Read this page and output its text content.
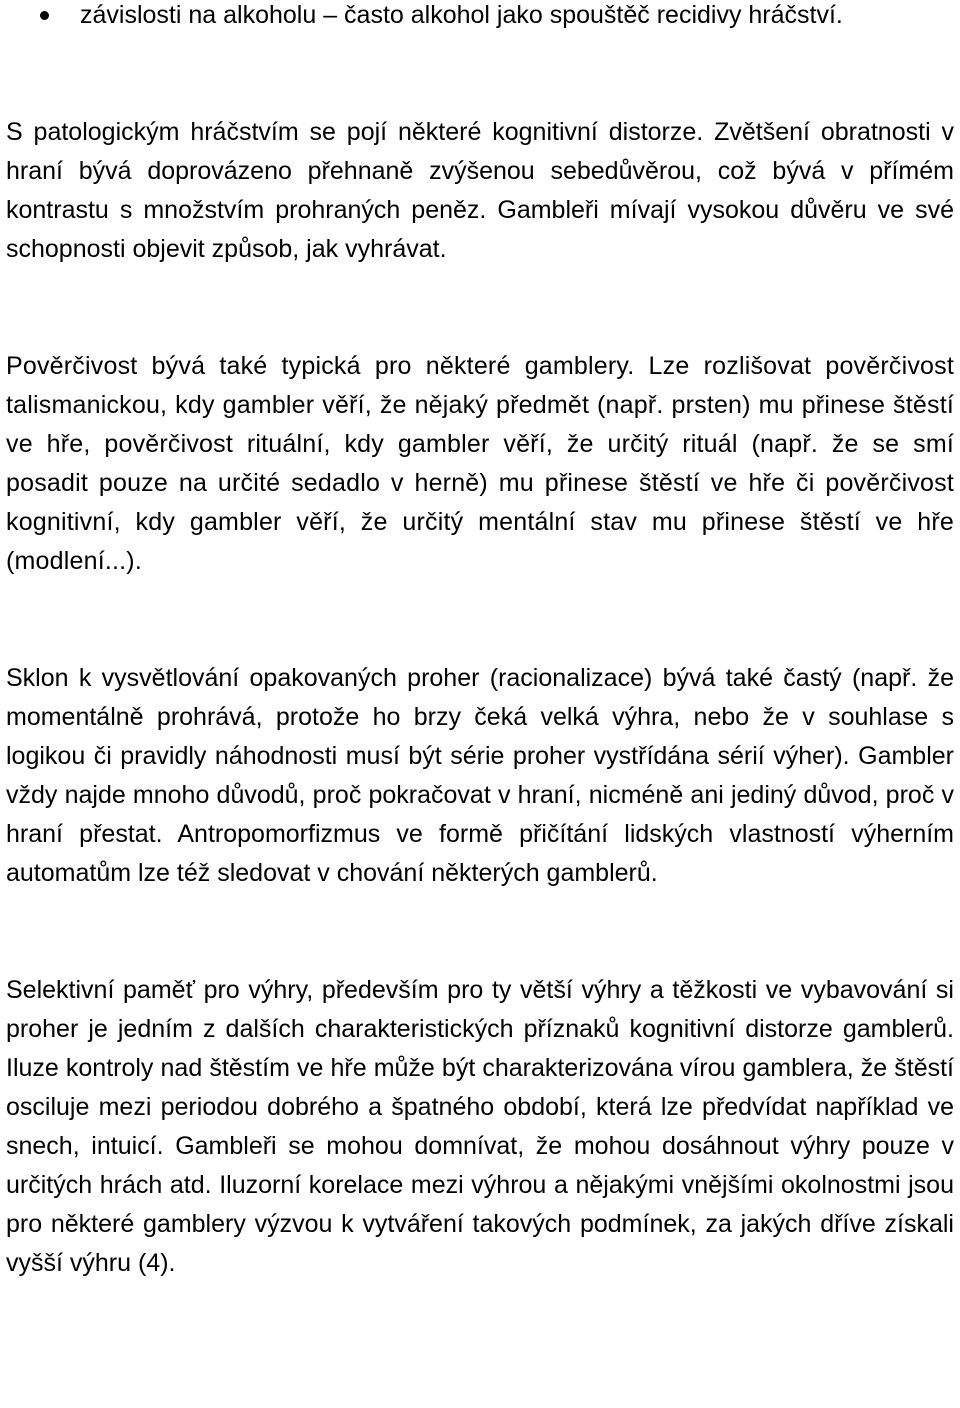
závislosti na alkoholu – často alkohol jako spouštěč recidivy hráčství.

S patologickým hráčstvím se pojí některé kognitivní distorze. Zvětšení obratnosti v hraní bývá doprovázeno přehnaně zvýšenou sebedůvěrou, což bývá v přímém kontrastu s množstvím prohraných peněz. Gambleři mívají vysokou důvěru ve své schopnosti objevit způsob, jak vyhrávat.

Pověrčivost bývá také typická pro některé gamblery. Lze rozlišovat pověrčivost talismanickou, kdy gambler věří, že nějaký předmět (např. prsten) mu přinese štěstí ve hře, pověrčivost rituální, kdy gambler věří, že určitý rituál (např. že se smí posadit pouze na určité sedadlo v herně) mu přinese štěstí ve hře či pověrčivost kognitivní, kdy gambler věří, že určitý mentální stav mu přinese štěstí ve hře (modlení...).

Sklon k vysvětlování opakovaných proher (racionalizace) bývá také častý (např. že momentálně prohrává, protože ho brzy čeká velká výhra, nebo že v souhlase s logikou či pravidly náhodnosti musí být série proher vystřídána sérií výher). Gambler vždy najde mnoho důvodů, proč pokračovat v hraní, nicméně ani jediný důvod, proč v hraní přestat. Antropomorfizmus ve formě přičítání lidských vlastností výherním automatům lze též sledovat v chování některých gamblerů.

Selektivní paměť pro výhry, především pro ty větší výhry a těžkosti ve vybavování si proher je jedním z dalších charakteristických příznaků kognitivní distorze gamblerů. Iluze kontroly nad štěstím ve hře může být charakterizována vírou gamblera, že štěstí osciluje mezi periodou dobrého a špatného období, která lze předvídat například ve snech, intuicí. Gambleři se mohou domnívat, že mohou dosáhnout výhry pouze v určitých hrách atd. Iluzorní korelace mezi výhrou a nějakými vnějšími okolnostmi jsou pro některé gamblery výzvou k vytváření takových podmínek, za jakých dříve získali vyšší výhru (4).
